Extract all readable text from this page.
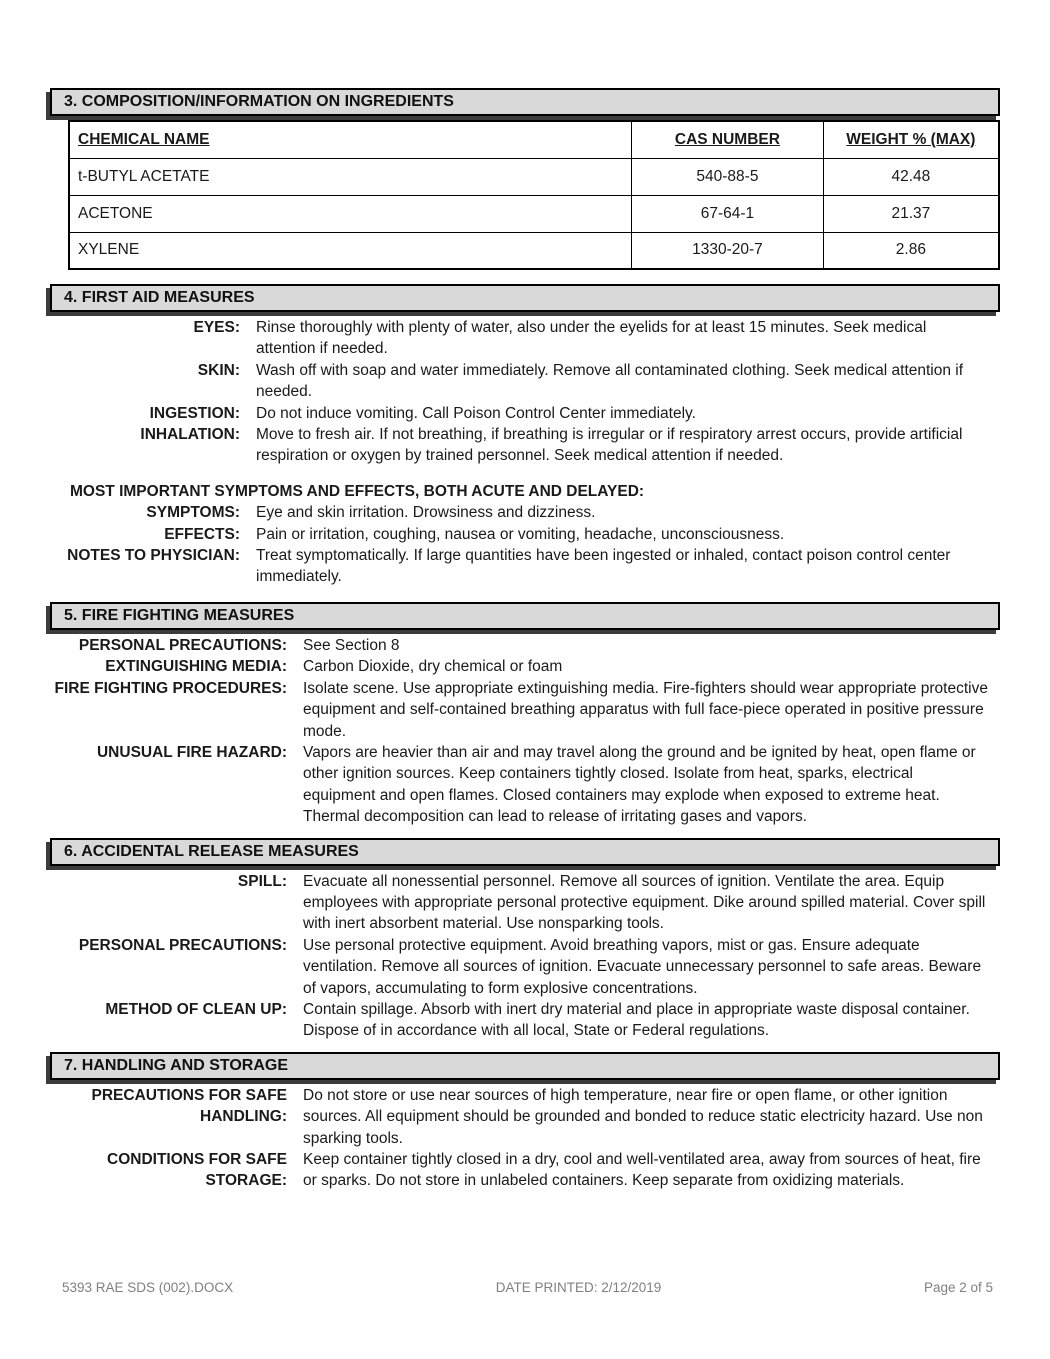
3. COMPOSITION/INFORMATION ON INGREDIENTS
CHEMICAL NAME	CAS NUMBER	WEIGHT % (MAX)
t-BUTYL ACETATE	540-88-5	42.48
ACETONE	67-64-1	21.37
XYLENE	1330-20-7	2.86
4. FIRST AID MEASURES
EYES: Rinse thoroughly with plenty of water, also under the eyelids for at least 15 minutes. Seek medical attention if needed.
SKIN: Wash off with soap and water immediately. Remove all contaminated clothing. Seek medical attention if needed.
INGESTION: Do not induce vomiting. Call Poison Control Center immediately.
INHALATION: Move to fresh air. If not breathing, if breathing is irregular or if respiratory arrest occurs, provide artificial respiration or oxygen by trained personnel. Seek medical attention if needed.
MOST IMPORTANT SYMPTOMS AND EFFECTS, BOTH ACUTE AND DELAYED:
SYMPTOMS: Eye and skin irritation. Drowsiness and dizziness.
EFFECTS: Pain or irritation, coughing, nausea or vomiting, headache, unconsciousness.
NOTES TO PHYSICIAN: Treat symptomatically. If large quantities have been ingested or inhaled, contact poison control center immediately.
5. FIRE FIGHTING MEASURES
PERSONAL PRECAUTIONS: See Section 8
EXTINGUISHING MEDIA: Carbon Dioxide, dry chemical or foam
FIRE FIGHTING PROCEDURES: Isolate scene. Use appropriate extinguishing media. Fire-fighters should wear appropriate protective equipment and self-contained breathing apparatus with full face-piece operated in positive pressure mode.
UNUSUAL FIRE HAZARD: Vapors are heavier than air and may travel along the ground and be ignited by heat, open flame or other ignition sources. Keep containers tightly closed. Isolate from heat, sparks, electrical equipment and open flames. Closed containers may explode when exposed to extreme heat. Thermal decomposition can lead to release of irritating gases and vapors.
6. ACCIDENTAL RELEASE MEASURES
SPILL: Evacuate all nonessential personnel. Remove all sources of ignition. Ventilate the area. Equip employees with appropriate personal protective equipment. Dike around spilled material. Cover spill with inert absorbent material. Use nonsparking tools.
PERSONAL PRECAUTIONS: Use personal protective equipment. Avoid breathing vapors, mist or gas. Ensure adequate ventilation. Remove all sources of ignition. Evacuate unnecessary personnel to safe areas. Beware of vapors, accumulating to form explosive concentrations.
METHOD OF CLEAN UP: Contain spillage. Absorb with inert dry material and place in appropriate waste disposal container. Dispose of in accordance with all local, State or Federal regulations.
7. HANDLING AND STORAGE
PRECAUTIONS FOR SAFE HANDLING:
Do not store or use near sources of high temperature, near fire or open flame, or other ignition sources. All equipment should be grounded and bonded to reduce static electricity hazard. Use non sparking tools.
CONDITIONS FOR SAFE STORAGE:
Keep container tightly closed in a dry, cool and well-ventilated area, away from sources of heat, fire or sparks. Do not store in unlabeled containers. Keep separate from oxidizing materials.
5393 RAE SDS (002).DOCX	DATE PRINTED: 2/12/2019	Page 2 of 5
